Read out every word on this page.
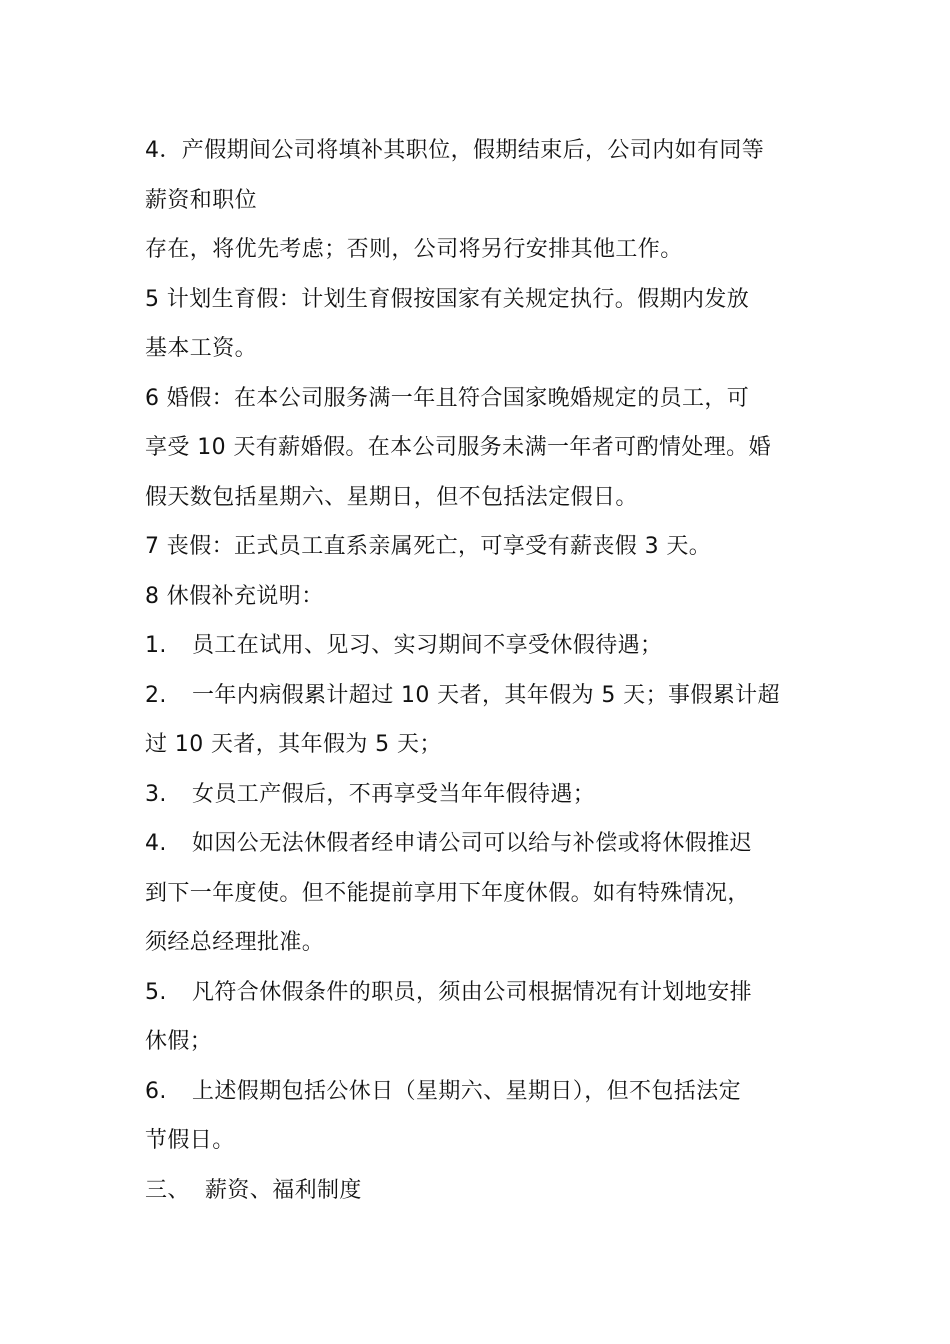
4．产假期间公司将填补其职位，假期结束后，公司内如有同等
薪资和职位
存在，将优先考虑；否则，公司将另行安排其他工作。
5 计划生育假：计划生育假按国家有关规定执行。假期内发放
基本工资。
6 婚假：在本公司服务满一年且符合国家晚婚规定的员工，可
享受 10 天有薪婚假。在本公司服务未满一年者可酌情处理。婚
假天数包括星期六、星期日，但不包括法定假日。
7 丧假：正式员工直系亲属死亡，可享受有薪丧假 3 天。
8 休假补充说明：
1.	员工在试用、见习、实习期间不享受休假待遇；
2.	一年内病假累计超过 10 天者，其年假为 5 天；事假累计超
过 10 天者，其年假为 5 天；
3.	女员工产假后，不再享受当年年假待遇；
4.	如因公无法休假者经申请公司可以给与补偿或将休假推迟
到下一年度使。但不能提前享用下年度休假。如有特殊情况，
须经总经理批准。
5.	凡符合休假条件的职员，须由公司根据情况有计划地安排
休假；
6.	上述假期包括公休日（星期六、星期日），但不包括法定
节假日。
三、 薪资、福利制度
